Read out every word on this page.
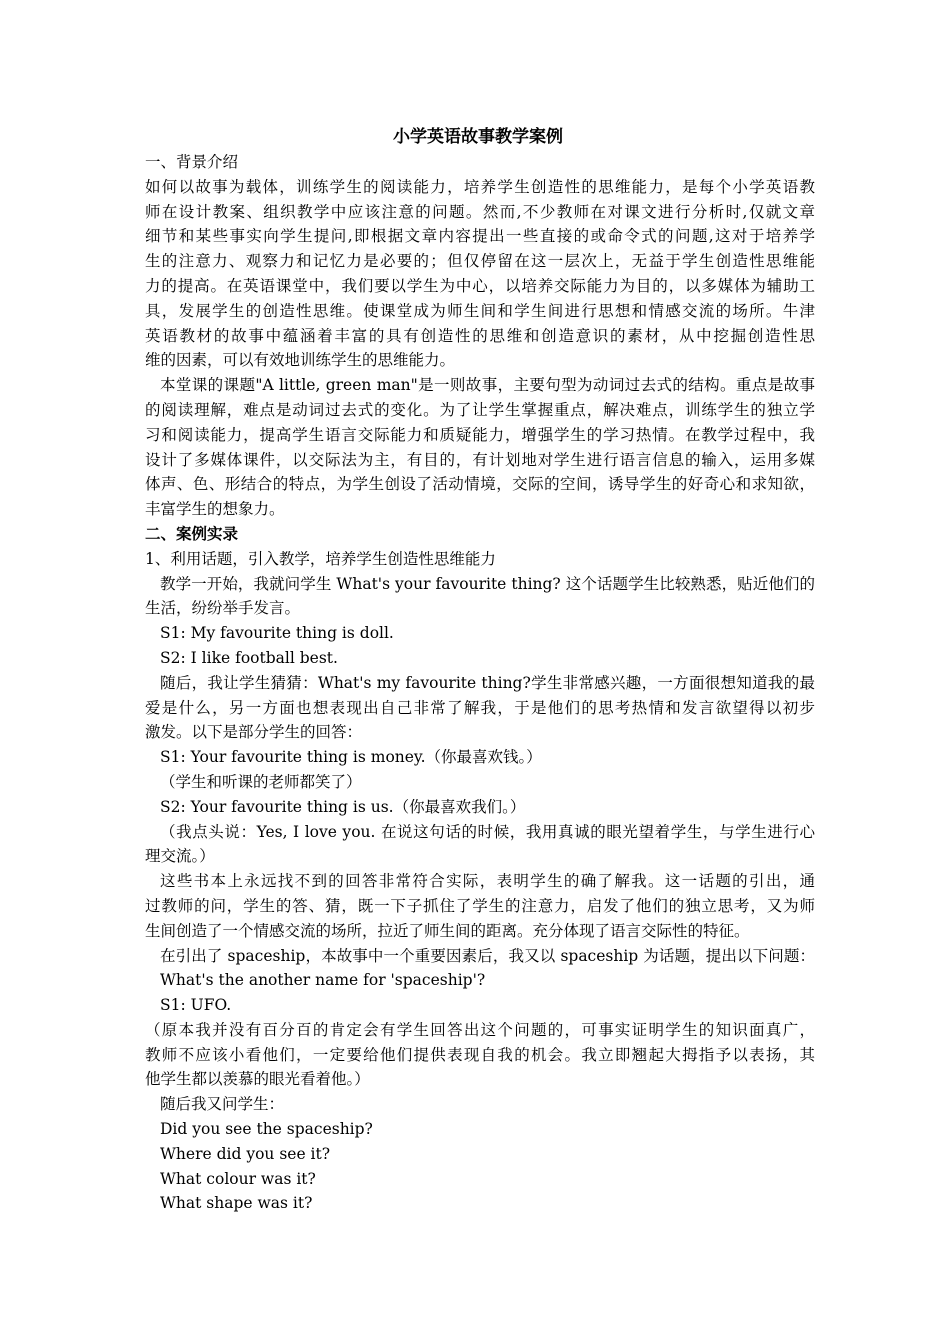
小学英语故事教学案例
一、背景介绍
如何以故事为载体，训练学生的阅读能力，培养学生创造性的思维能力，是每个小学英语教
师在设计教案、组织教学中应该注意的问题。然而,不少教师在对课文进行分析时,仅就文章
细节和某些事实向学生提问,即根据文章内容提出一些直接的或命令式的问题,这对于培养学
生的注意力、观察力和记忆力是必要的；但仅停留在这一层次上，无益于学生创造性思维能
力的提高。在英语课堂中，我们要以学生为中心，以培养交际能力为目的，以多媒体为辅助工
具，发展学生的创造性思维。使课堂成为师生间和学生间进行思想和情感交流的场所。牛津
英语教材的故事中蕴涵着丰富的具有创造性的思维和创造意识的素材，从中挖掘创造性思
维的因素，可以有效地训练学生的思维能力。
本堂课的课题"A little, green man"是一则故事，主要句型为动词过去式的结构。重点是故事
的阅读理解，难点是动词过去式的变化。为了让学生掌握重点，解决难点，训练学生的独立学
习和阅读能力，提高学生语言交际能力和质疑能力，增强学生的学习热情。在教学过程中，我
设计了多媒体课件，以交际法为主，有目的，有计划地对学生进行语言信息的输入，运用多媒
体声、色、形结合的特点，为学生创设了活动情境，交际的空间，诱导学生的好奇心和求知欲，
丰富学生的想象力。
二、案例实录
1、利用话题，引入教学，培养学生创造性思维能力
教学一开始，我就问学生 What's your favourite thing? 这个话题学生比较熟悉，贴近他们的
生活，纷纷举手发言。
S1: My favourite thing is doll.
S2: I like football best.
随后，我让学生猜猜：What's my favourite thing?学生非常感兴趣，一方面很想知道我的最
爱是什么，另一方面也想表现出自己非常了解我，于是他们的思考热情和发言欲望得以初步
激发。以下是部分学生的回答：
S1: Your favourite thing is money.（你最喜欢钱。）
（学生和听课的老师都笑了）
S2: Your favourite thing is us.（你最喜欢我们。）
（我点头说：Yes, I love you. 在说这句话的时候，我用真诚的眼光望着学生，与学生进行心
理交流。）
这些书本上永远找不到的回答非常符合实际，表明学生的确了解我。这一话题的引出，通
过教师的问，学生的答、猜，既一下子抓住了学生的注意力，启发了他们的独立思考，又为师
生间创造了一个情感交流的场所，拉近了师生间的距离。充分体现了语言交际性的特征。
在引出了 spaceship，本故事中一个重要因素后，我又以 spaceship 为话题，提出以下问题：
What's the another name for 'spaceship'?
S1: UFO.
（原本我并没有百分百的肯定会有学生回答出这个问题的，可事实证明学生的知识面真广，
教师不应该小看他们，一定要给他们提供表现自我的机会。我立即翘起大拇指予以表扬，其
他学生都以羡慕的眼光看着他。）
随后我又问学生：
Did you see the spaceship?
Where did you see it?
What colour was it?
What shape was it?
